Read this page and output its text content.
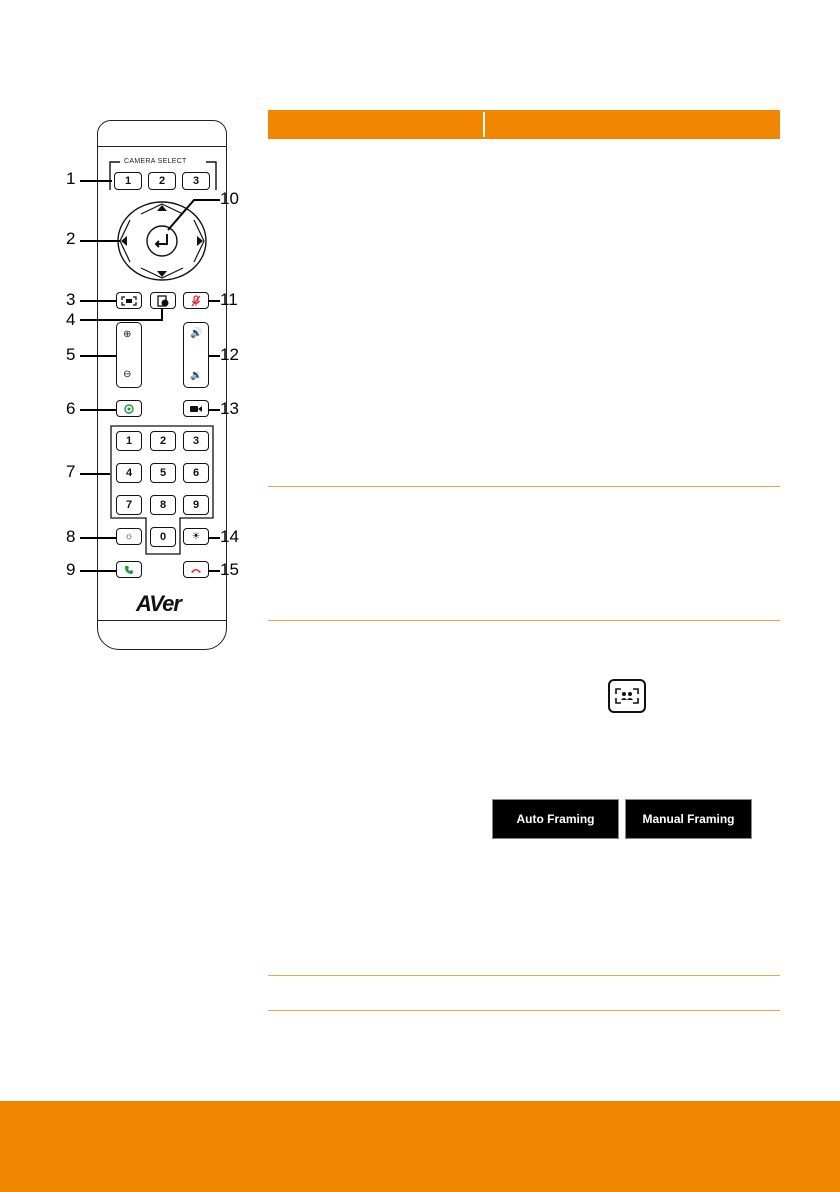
CAMERA SELECT
1	2	3
⊕
⊖
🔊
🔉
1	2	3
4	5	6
7	8	9
0
☼	☀
AVer
1
2
3
4
5
6
7
8
9
10
11
12
13
14
15
Auto Framing	Manual Framing
